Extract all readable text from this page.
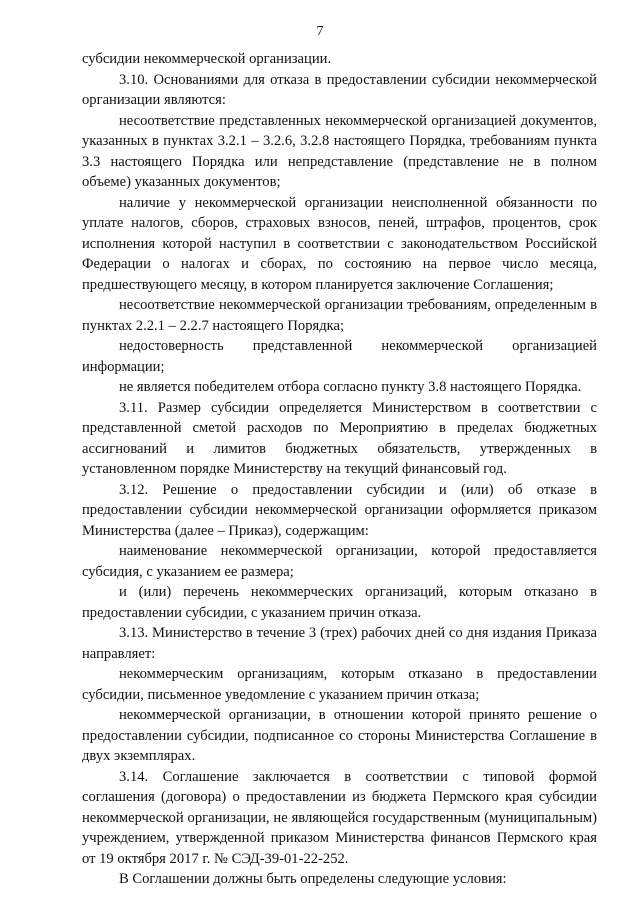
7

субсидии некоммерческой организации.

3.10. Основаниями для отказа в предоставлении субсидии некоммерческой организации являются:

несоответствие представленных некоммерческой организацией документов, указанных в пунктах 3.2.1 – 3.2.6, 3.2.8 настоящего Порядка, требованиям пункта 3.3 настоящего Порядка или непредставление (представление не в полном объеме) указанных документов;

наличие у некоммерческой организации неисполненной обязанности по уплате налогов, сборов, страховых взносов, пеней, штрафов, процентов, срок исполнения которой наступил в соответствии с законодательством Российской Федерации о налогах и сборах, по состоянию на первое число месяца, предшествующего месяцу, в котором планируется заключение Соглашения;

несоответствие некоммерческой организации требованиям, определенным в пунктах 2.2.1 – 2.2.7 настоящего Порядка;

недостоверность представленной некоммерческой организацией информации;

не является победителем отбора согласно пункту 3.8 настоящего Порядка.

3.11. Размер субсидии определяется Министерством в соответствии с представленной сметой расходов по Мероприятию в пределах бюджетных ассигнований и лимитов бюджетных обязательств, утвержденных в установленном порядке Министерству на текущий финансовый год.

3.12. Решение о предоставлении субсидии и (или) об отказе в предоставлении субсидии некоммерческой организации оформляется приказом Министерства (далее – Приказ), содержащим:

наименование некоммерческой организации, которой предоставляется субсидия, с указанием ее размера;

и (или) перечень некоммерческих организаций, которым отказано в предоставлении субсидии, с указанием причин отказа.

3.13. Министерство в течение 3 (трех) рабочих дней со дня издания Приказа направляет:

некоммерческим организациям, которым отказано в предоставлении субсидии, письменное уведомление с указанием причин отказа;

некоммерческой организации, в отношении которой принято решение о предоставлении субсидии, подписанное со стороны Министерства Соглашение в двух экземплярах.

3.14. Соглашение заключается в соответствии с типовой формой соглашения (договора) о предоставлении из бюджета Пермского края субсидии некоммерческой организации, не являющейся государственным (муниципальным) учреждением, утвержденной приказом Министерства финансов Пермского края от 19 октября 2017 г. № СЭД-39-01-22-252.

В Соглашении должны быть определены следующие условия:
